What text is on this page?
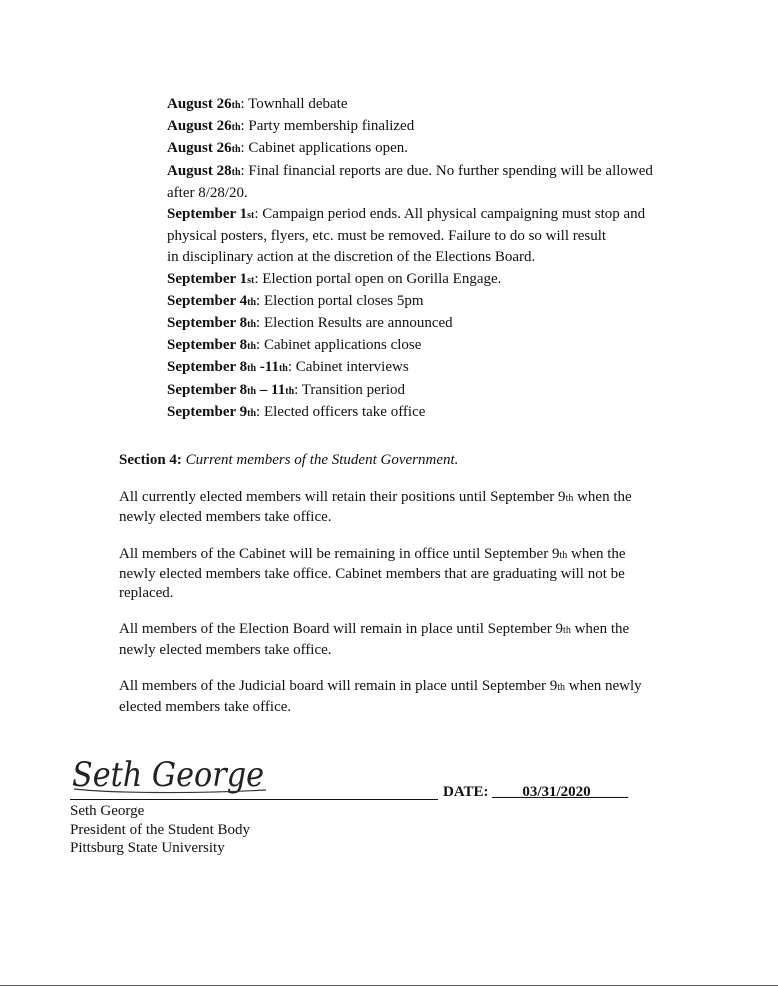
August 26th: Townhall debate
August 26th: Party membership finalized
August 26th: Cabinet applications open.
August 28th: Final financial reports are due. No further spending will be allowed
after 8/28/20.
September 1st: Campaign period ends. All physical campaigning must stop and
physical posters, flyers, etc. must be removed. Failure to do so will result
in disciplinary action at the discretion of the Elections Board.
September 1st: Election portal open on Gorilla Engage.
September 4th: Election portal closes 5pm
September 8th: Election Results are announced
September 8th: Cabinet applications close
September 8th -11th: Cabinet interviews
September 8th – 11th: Transition period
September 9th: Elected officers take office

Section 4: Current members of the Student Government.

All currently elected members will retain their positions until September 9th when the
newly elected members take office.

All members of the Cabinet will be remaining in office until September 9th when the
newly elected members take office. Cabinet members that are graduating will not be
replaced.

All members of the Election Board will remain in place until September 9th when the
newly elected members take office.

All members of the Judicial board will remain in place until September 9th when newly
elected members take office.

Seth George	DATE: ____03/31/2020_____
Seth George
President of the Student Body
Pittsburg State University
